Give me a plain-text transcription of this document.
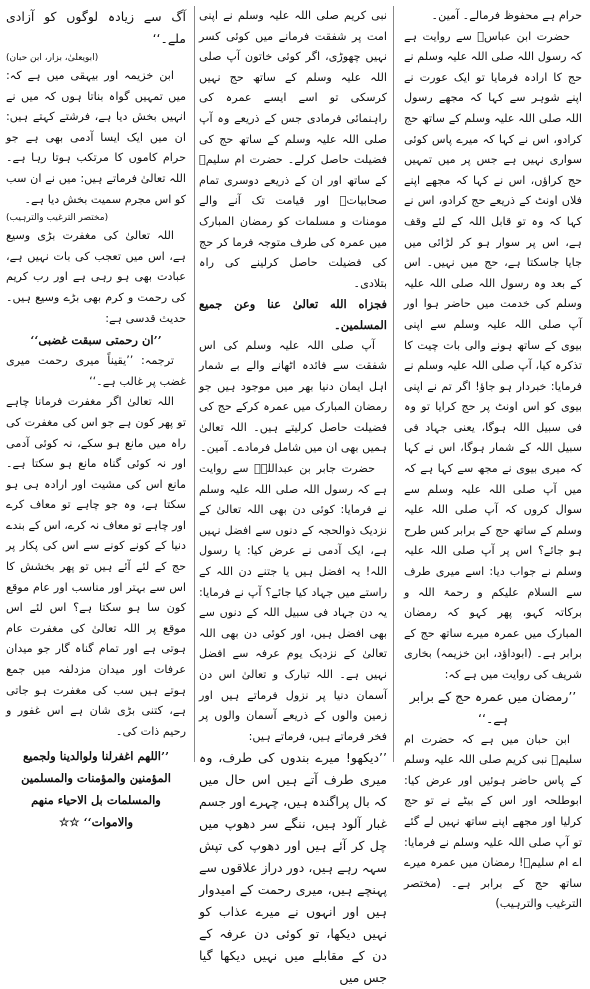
حرام ہے محفوظ فرمالے۔ آمین۔

حضرت ابن عباسؓ سے روایت ہے کہ رسول اللہ صلی اللہ علیہ وسلم نے حج کا ارادہ فرمایا تو ایک عورت نے اپنے شوہر سے کہا کہ مجھے رسول اللہ صلی اللہ علیہ وسلم کے ساتھ حج کرادو، اس نے کہا کہ میرے پاس کوئی سواری نہیں ہے جس پر میں تمہیں حج کراؤں، اس نے کہا کہ مجھے اپنے فلاں اونٹ کے ذریعے حج کرادو، اس نے کہا کہ وہ تو قابل اللہ کے لئے وقف ہے، اس پر سوار ہو کر لڑائی میں جایا جاسکتا ہے، حج میں نہیں۔ اس کے بعد وہ رسول اللہ صلی اللہ علیہ وسلم کی خدمت میں حاضر ہوا اور آپ صلی اللہ علیہ وسلم سے اپنی بیوی کے ساتھ ہونے والی بات چیت کا تذکرہ کیا، آپ صلی اللہ علیہ وسلم نے فرمایا: خبردار ہو جاؤ! اگر تم نے اپنی بیوی کو اس اونٹ پر حج کرایا تو وہ فی سبیل اللہ ہوگا، یعنی جہاد فی سبیل اللہ کے شمار ہوگا، اس نے کہا کہ میری بیوی نے مجھ سے کہا ہے کہ میں آپ صلی اللہ علیہ وسلم سے سوال کروں کہ آپ صلی اللہ علیہ وسلم کے ساتھ حج کے برابر کس طرح ہو جائے؟ اس پر آپ صلی اللہ علیہ وسلم نے جواب دیا: اسے میری طرف سے السلام علیکم و رحمۃ اللہ و برکاتہ کہو، پھر کہو کہ رمضان المبارک میں عمرہ میرے ساتھ حج کے برابر ہے۔ (ابوداؤد، ابن خزیمہ) بخاری شریف کی روایت میں ہے کہ:

’’رمضان میں عمرہ حج کے برابر ہے۔‘‘

ابن حبان میں ہے کہ حضرت ام سلیمؓ نبی کریم صلی اللہ علیہ وسلم کے پاس حاضر ہوئیں اور عرض کیا: ابوطلحہ اور اس کے بیٹے نے تو حج کرلیا اور مجھے اپنے ساتھ نہیں لے گئے تو آپ صلی اللہ علیہ وسلم نے فرمایا: اے ام سلیمؓ! رمضان میں عمرہ میرے ساتھ حج کے برابر ہے۔ (مختصر الترغیب والترہیب)

نبی کریم صلی اللہ علیہ وسلم نے اپنی امت پر شفقت فرمانے میں کوئی کسر نہیں چھوڑی، اگر کوئی خاتون آپ صلی اللہ علیہ وسلم کے ساتھ حج نہیں کرسکی تو اسے ایسے عمرہ کی راہنمائی فرمادی جس کے ذریعے وہ آپ صلی اللہ علیہ وسلم کے ساتھ حج کی فضیلت حاصل کرلے۔ حضرت ام سلیمؓ کے ساتھ اور ان کے ذریعے دوسری تمام صحابیاتؓ اور قیامت تک آنے والے مومنات و مسلمات کو رمضان المبارک میں عمرہ کی طرف متوجہ فرما کر حج کی فضیلت حاصل کرلینے کی راہ بتلادی۔

فجزاه الله تعالیٰ عنا وعن جميع المسلمين۔

آپ صلی اللہ علیہ وسلم کی اس شفقت سے فائدہ اٹھانے والے بے شمار اہل ایمان دنیا بھر میں موجود ہیں جو رمضان المبارک میں عمرہ کرکے حج کی فضیلت حاصل کرلیتے ہیں۔ اللہ تعالیٰ ہمیں بھی ان میں شامل فرمادے۔ آمین۔

حضرت جابر بن عبداللہؓ سے روایت ہے کہ رسول اللہ صلی اللہ علیہ وسلم نے فرمایا: کوئی دن بھی اللہ تعالیٰ کے نزدیک ذوالحجہ کے دنوں سے افضل نہیں ہے، ایک آدمی نے عرض کیا: یا رسول اللہ! یہ افضل ہیں یا جتنے دن اللہ کے راستے میں جہاد کیا جائے؟ آپ نے فرمایا: یہ دن جہاد فی سبیل اللہ کے دنوں سے بھی افضل ہیں، اور کوئی دن بھی اللہ تعالیٰ کے نزدیک یوم عرفہ سے افضل نہیں ہے۔ اللہ تبارک و تعالیٰ اس دن آسمان دنیا پر نزول فرماتے ہیں اور زمین والوں کے ذریعے آسمان والوں پر فخر فرماتے ہیں، فرماتے ہیں:

’’دیکھو! میرے بندوں کی طرف، وہ میری طرف آتے ہیں اس حال میں کہ بال پراگندہ ہیں، چہرے اور جسم غبار آلود ہیں، ننگے سر دھوپ میں چل کر آئے ہیں اور دھوپ کی تپش سہہ رہے ہیں، دور دراز علاقوں سے پہنچے ہیں، میری رحمت کے امیدوار ہیں اور انہوں نے میرے عذاب کو نہیں دیکھا، تو کوئی دن عرفہ کے دن کے مقابلے میں نہیں دیکھا گیا جس میں

آگ سے زیادہ لوگوں کو آزادی ملے۔‘‘

(ابویعلیٰ، بزار، ابن حبان)

ابن خزیمہ اور بیہقی میں ہے کہ: میں تمہیں گواہ بناتا ہوں کہ میں نے انہیں بخش دیا ہے، فرشتے کہتے ہیں: ان میں ایک ایسا آدمی بھی ہے جو حرام کاموں کا مرتکب ہوتا رہا ہے۔ اللہ تعالیٰ فرماتے ہیں: میں نے ان سب کو اس مجرم سمیت بخش دیا ہے۔

(مختصر الترغیب والترہیب)

اللہ تعالیٰ کی مغفرت بڑی وسیع ہے، اس میں تعجب کی بات نہیں ہے، عبادت بھی ہو رہی ہے اور رب کریم کی رحمت و کرم بھی بڑے وسیع ہیں۔ حدیث قدسی ہے:

’’ان رحمتی سبقت غضبی‘‘

ترجمہ: ’’یقیناً میری رحمت میری غضب پر غالب ہے۔‘‘

اللہ تعالیٰ اگر مغفرت فرمانا چاہے تو پھر کون ہے جو اس کی مغفرت کی راہ میں مانع ہو سکے، نہ کوئی آدمی اور نہ کوئی گناہ مانع ہو سکتا ہے۔ مانع اس کی مشیت اور ارادہ ہی ہو سکتا ہے، وہ جو چاہے تو معاف کرے اور چاہے تو معاف نہ کرے، اس کے بندے دنیا کے کونے کونے سے اس کی پکار پر حج کے لئے آئے ہیں تو پھر بخشش کا اس سے بہتر اور مناسب اور عام موقع کون سا ہو سکتا ہے؟ اس لئے اس موقع پر اللہ تعالیٰ کی مغفرت عام ہوتی ہے اور تمام گناہ گار جو میدان عرفات اور میدان مزدلفہ میں جمع ہوتے ہیں سب کی مغفرت ہو جاتی ہے، کتنی بڑی شان ہے اس غفور و رحیم ذات کی۔

’’اللهم اغفرلنا ولوالدينا ولجميع المؤمنين والمؤمنات والمسلمين والمسلمات بل الاحياء منهم والاموات‘‘ ☆☆
